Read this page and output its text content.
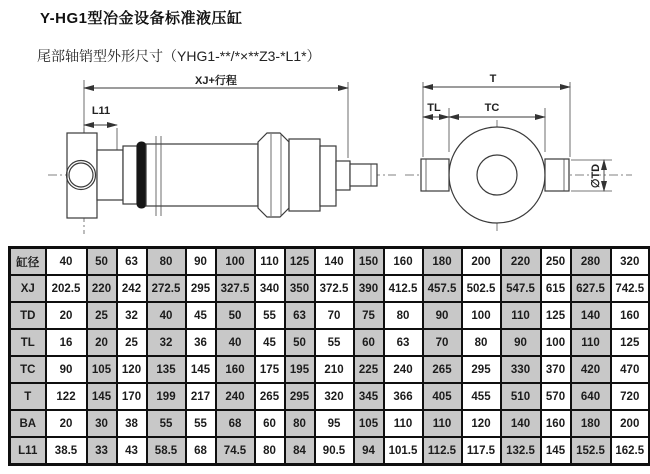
Y-HG1型冶金设备标准液压缸
尾部轴销型外形尺寸（YHG1-**/*×**Z3-*L1*）
XJ+行程
L11
T
TL	TC
∅TD
缸径	40	50	63	80	90	100	110	125	140	150	160	180	200	220	250	280	320
XJ	202.5	220	242	272.5	295	327.5	340	350	372.5	390	412.5	457.5	502.5	547.5	615	627.5	742.5
TD	20	25	32	40	45	50	55	63	70	75	80	90	100	110	125	140	160
TL	16	20	25	32	36	40	45	50	55	60	63	70	80	90	100	110	125
TC	90	105	120	135	145	160	175	195	210	225	240	265	295	330	370	420	470
T	122	145	170	199	217	240	265	295	320	345	366	405	455	510	570	640	720
BA	20	30	38	55	55	68	60	80	95	105	110	110	120	140	160	180	200
L11	38.5	33	43	58.5	68	74.5	80	84	90.5	94	101.5	112.5	117.5	132.5	145	152.5	162.5
